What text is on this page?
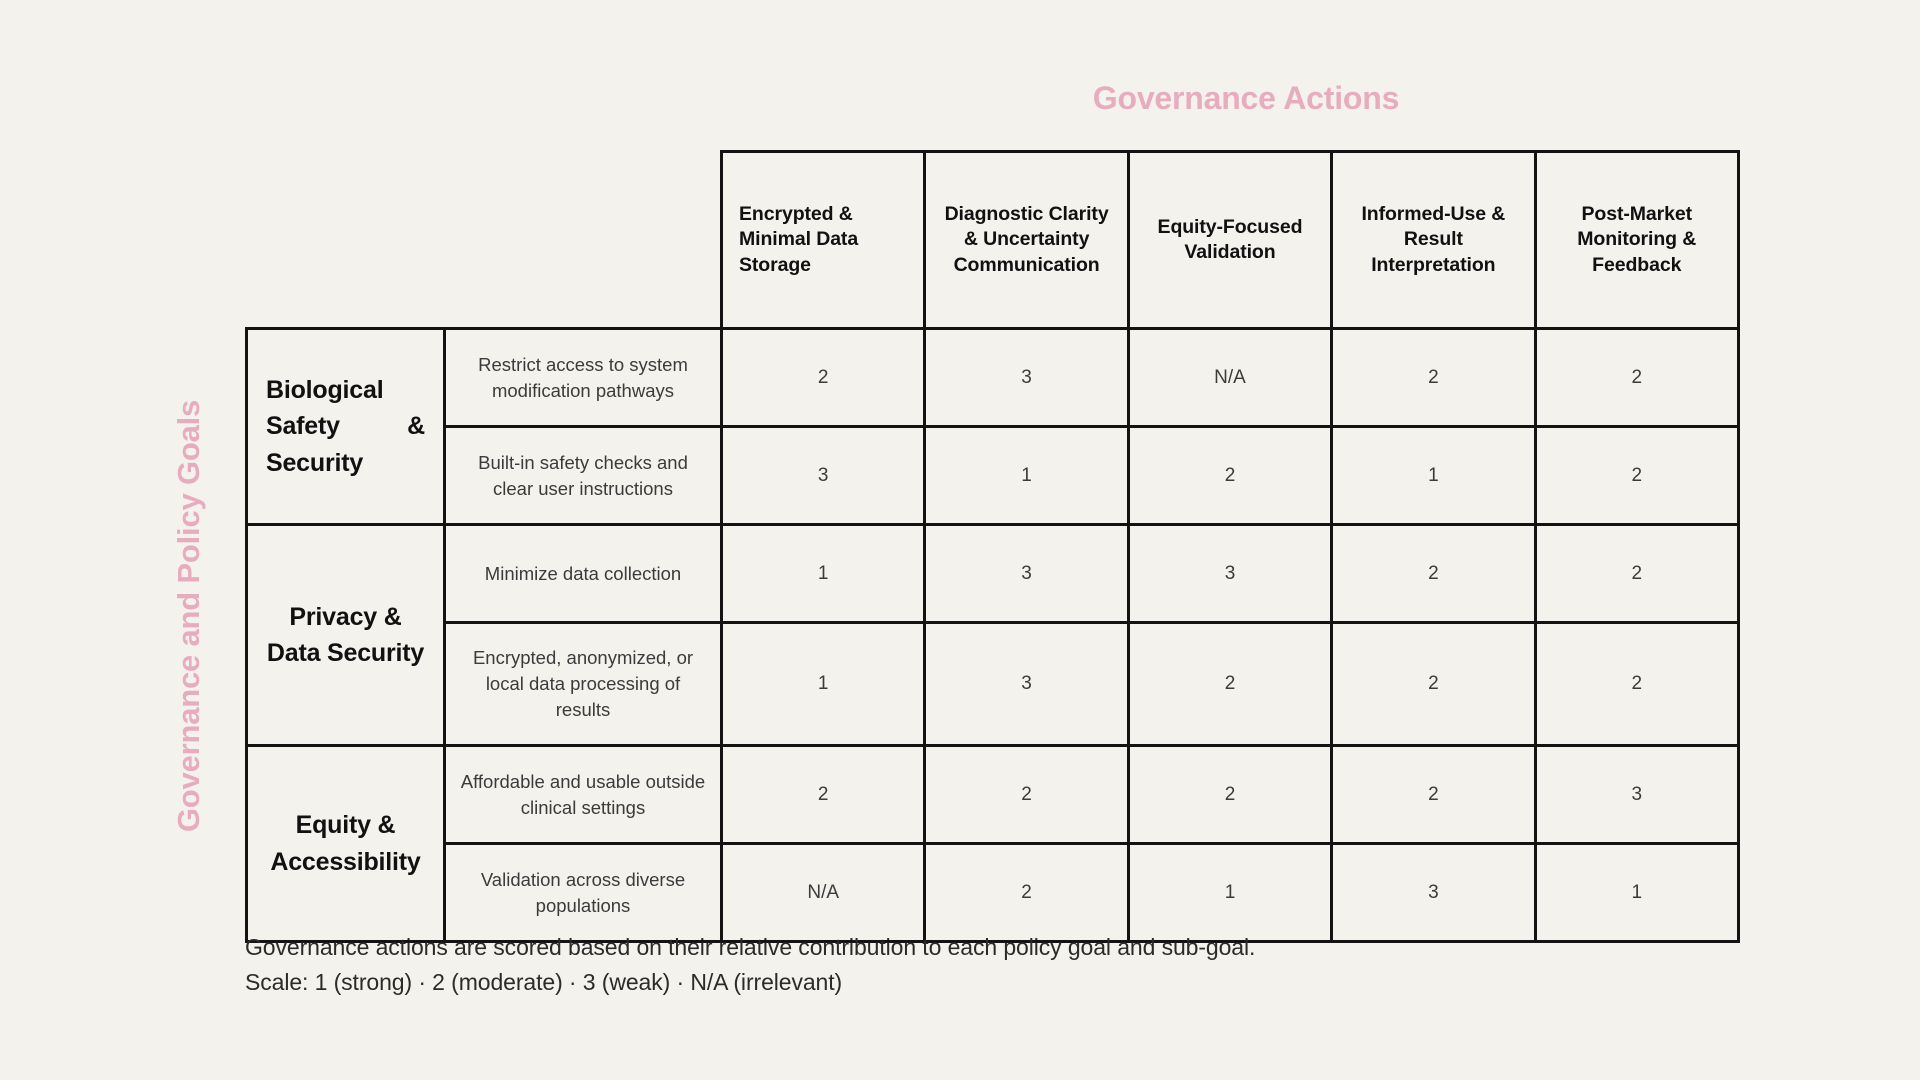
Governance Actions
Governance and Policy Goals
		Encrypted & Minimal Data Storage	Diagnostic Clarity & Uncertainty Communication	Equity-Focused Validation	Informed-Use & Result Interpretation	Post-Market Monitoring & Feedback
Biological Safety & Security	Restrict access to system modification pathways	2	3	N/A	2	2
	Built-in safety checks and clear user instructions	3	1	2	1	2
Privacy & Data Security	Minimize data collection	1	3	3	2	2
	Encrypted, anonymized, or local data processing of results	1	3	2	2	2
Equity & Accessibility	Affordable and usable outside clinical settings	2	2	2	2	3
	Validation across diverse populations	N/A	2	1	3	1
Governance actions are scored based on their relative contribution to each policy goal and sub-goal.
Scale: 1 (strong) · 2 (moderate) · 3 (weak) · N/A (irrelevant)
